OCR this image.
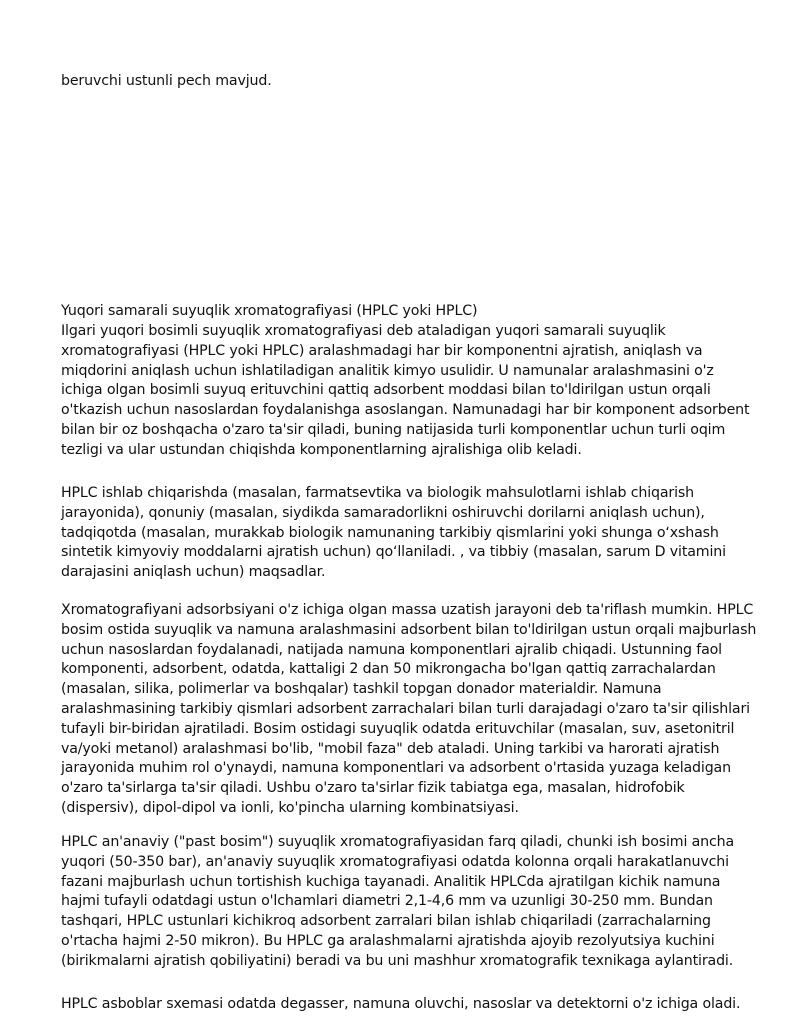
beruvchi ustunli pech mavjud.
Yuqori samarali suyuqlik xromatografiyasi (HPLC yoki HPLC)
Ilgari yuqori bosimli suyuqlik xromatografiyasi deb ataladigan yuqori samarali suyuqlik
xromatografiyasi (HPLC yoki HPLC) aralashmadagi har bir komponentni ajratish, aniqlash va
miqdorini aniqlash uchun ishlatiladigan analitik kimyo usulidir. U namunalar aralashmasini o'z
ichiga olgan bosimli suyuq erituvchini qattiq adsorbent moddasi bilan to'ldirilgan ustun orqali
o'tkazish uchun nasoslardan foydalanishga asoslangan. Namunadagi har bir komponent adsorbent
bilan bir oz boshqacha o'zaro ta'sir qiladi, buning natijasida turli komponentlar uchun turli oqim
tezligi va ular ustundan chiqishda komponentlarning ajralishiga olib keladi.
HPLC ishlab chiqarishda (masalan, farmatsevtika va biologik mahsulotlarni ishlab chiqarish
jarayonida), qonuniy (masalan, siydikda samaradorlikni oshiruvchi dorilarni aniqlash uchun),
tadqiqotda (masalan, murakkab biologik namunaning tarkibiy qismlarini yoki shunga oʻxshash
sintetik kimyoviy moddalarni ajratish uchun) qoʻllaniladi. , va tibbiy (masalan, sarum D vitamini
darajasini aniqlash uchun) maqsadlar.
Xromatografiyani adsorbsiyani o'z ichiga olgan massa uzatish jarayoni deb ta'riflash mumkin. HPLC
bosim ostida suyuqlik va namuna aralashmasini adsorbent bilan to'ldirilgan ustun orqali majburlash
uchun nasoslardan foydalanadi, natijada namuna komponentlari ajralib chiqadi. Ustunning faol
komponenti, adsorbent, odatda, kattaligi 2 dan 50 mikrongacha bo'lgan qattiq zarrachalardan
(masalan, silika, polimerlar va boshqalar) tashkil topgan donador materialdir. Namuna
aralashmasining tarkibiy qismlari adsorbent zarrachalari bilan turli darajadagi o'zaro ta'sir qilishlari
tufayli bir-biridan ajratiladi. Bosim ostidagi suyuqlik odatda erituvchilar (masalan, suv, asetonitril
va/yoki metanol) aralashmasi bo'lib, "mobil faza" deb ataladi. Uning tarkibi va harorati ajratish
jarayonida muhim rol o'ynaydi, namuna komponentlari va adsorbent o'rtasida yuzaga keladigan
o'zaro ta'sirlarga ta'sir qiladi. Ushbu o'zaro ta'sirlar fizik tabiatga ega, masalan, hidrofobik
(dispersiv), dipol-dipol va ionli, ko'pincha ularning kombinatsiyasi.
HPLC an'anaviy ("past bosim") suyuqlik xromatografiyasidan farq qiladi, chunki ish bosimi ancha
yuqori (50-350 bar), an'anaviy suyuqlik xromatografiyasi odatda kolonna orqali harakatlanuvchi
fazani majburlash uchun tortishish kuchiga tayanadi. Analitik HPLCda ajratilgan kichik namuna
hajmi tufayli odatdagi ustun o'lchamlari diametri 2,1-4,6 mm va uzunligi 30-250 mm. Bundan
tashqari, HPLC ustunlari kichikroq adsorbent zarralari bilan ishlab chiqariladi (zarrachalarning
o'rtacha hajmi 2-50 mikron). Bu HPLC ga aralashmalarni ajratishda ajoyib rezolyutsiya kuchini
(birikmalarni ajratish qobiliyatini) beradi va bu uni mashhur xromatografik texnikaga aylantiradi.
HPLC asboblar sxemasi odatda degasser, namuna oluvchi, nasoslar va detektorni o'z ichiga oladi.
